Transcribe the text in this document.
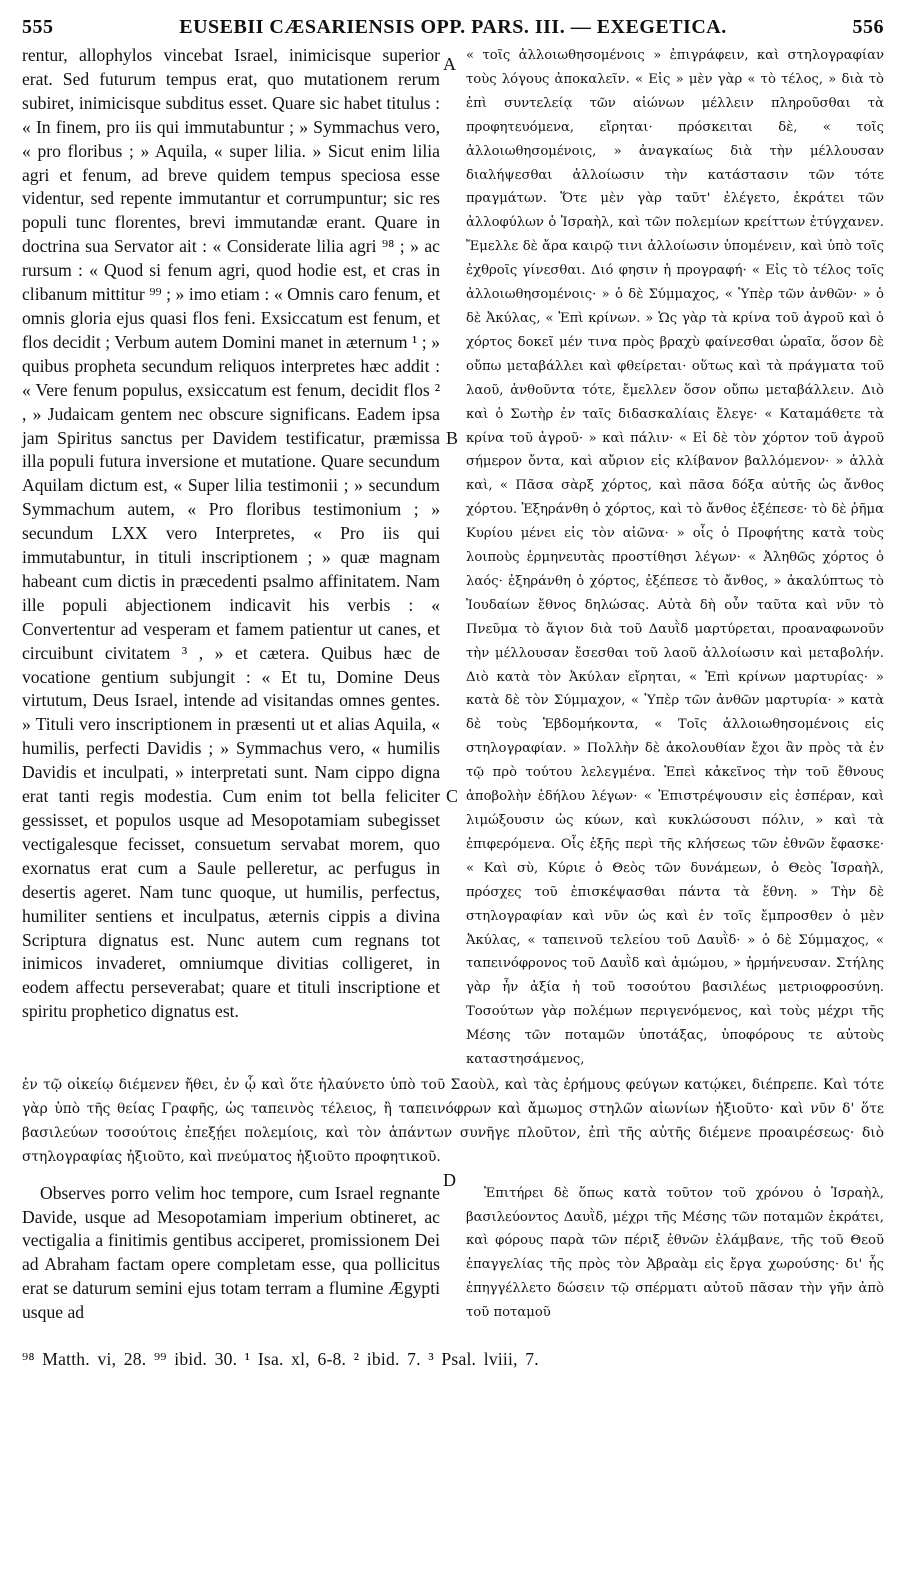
555	EUSEBII CÆSARIENSIS OPP. PARS. III. — EXEGETICA.	556
A
B
C
D

rentur, allophylos vincebat Israel, inimicisque superior erat. Sed futurum tempus erat, quo mutationem rerum subiret, inimicisque subditus esset. Quare sic habet titulus : « In finem, pro iis qui immutabuntur ; » Symmachus vero, « pro floribus ; » Aquila, « super lilia. » Sicut enim lilia agri et fenum, ad breve quidem tempus speciosa esse videntur, sed repente immutantur et corrumpuntur; sic res populi tunc florentes, brevi immutandæ erant. Quare in doctrina sua Servator ait : « Considerate lilia agri ⁹⁸ ; » ac rursum : « Quod si fenum agri, quod hodie est, et cras in clibanum mittitur ⁹⁹ ; » imo etiam : « Omnis caro fenum, et omnis gloria ejus quasi flos feni. Exsiccatum est fenum, et flos decidit ; Verbum autem Domini manet in æternum ¹ ; » quibus propheta secundum reliquos interpretes hæc addit : « Vere fenum populus, exsiccatum est fenum, decidit flos ² , » Judaicam gentem nec obscure significans. Eadem ipsa jam Spiritus sanctus per Davidem testificatur, præmissa illa populi futura inversione et mutatione. Quare secundum Aquilam dictum est, « Super lilia testimonii ; » secundum Symmachum autem, « Pro floribus testimonium ; » secundum LXX vero Interpretes, « Pro iis qui immutabuntur, in tituli inscriptionem ; » quæ magnam habeant cum dictis in præcedenti psalmo affinitatem. Nam ille populi abjectionem indicavit his verbis : « Convertentur ad vesperam et famem patientur ut canes, et circuibunt civitatem ³ , » et cætera. Quibus hæc de vocatione gentium subjungit : « Et tu, Domine Deus virtutum, Deus Israel, intende ad visitandas omnes gentes. » Tituli vero inscriptionem in præsenti ut et alias Aquila, « humilis, perfecti Davidis ; » Symmachus vero, « humilis Davidis et inculpati, » interpretati sunt. Nam cippo digna erat tanti regis modestia. Cum enim tot bella feliciter gessisset, et populos usque ad Mesopotamiam subegisset vectigalesque fecisset, consuetum servabat morem, quo exornatus erat cum a Saule pelleretur, ac perfugus in desertis ageret. Nam tunc quoque, ut humilis, perfectus, humiliter sentiens et inculpatus, æternis cippis a divina Scriptura dignatus est. Nunc autem cum regnans tot inimicos invaderet, omniumque divitias colligeret, in eodem affectu perseverabat; quare et tituli inscriptione et spiritu prophetico dignatus est.

« τοῖς ἀλλοιωθησομένοις » ἐπιγράφειν, καὶ στηλογραφίαν τοὺς λόγους ἀποκαλεῖν. « Εἰς » μὲν γὰρ « τὸ τέλος, » διὰ τὸ ἐπὶ συντελείᾳ τῶν αἰώνων μέλλειν πληροῦσθαι τὰ προφητευόμενα, εἴρηται· πρόσκειται δὲ, « τοῖς ἀλλοιωθησομένοις, » ἀναγκαίως διὰ τὴν μέλλουσαν διαλήψεσθαι ἀλλοίωσιν τὴν κατάστασιν τῶν τότε πραγμάτων. Ὅτε μὲν γὰρ ταῦτ' ἐλέγετο, ἐκράτει τῶν ἀλλοφύλων ὁ Ἰσραὴλ, καὶ τῶν πολεμίων κρείττων ἐτύγχανεν. Ἔμελλε δὲ ἄρα καιρῷ τινι ἀλλοίωσιν ὑπομένειν, καὶ ὑπὸ τοῖς ἐχθροῖς γίνεσθαι. Διό φησιν ἡ προγραφή· « Εἰς τὸ τέλος τοῖς ἀλλοιωθησομένοις· » ὁ δὲ Σύμμαχος, « Ὑπὲρ τῶν ἀνθῶν· » ὁ δὲ Ἀκύλας, « Ἐπὶ κρίνων. » Ὡς γὰρ τὰ κρίνα τοῦ ἀγροῦ καὶ ὁ χόρτος δοκεῖ μέν τινα πρὸς βραχὺ φαίνεσθαι ὡραῖα, ὅσον δὲ οὔπω μεταβάλλει καὶ φθείρεται· οὕτως καὶ τὰ πράγματα τοῦ λαοῦ, ἀνθοῦντα τότε, ἔμελλεν ὅσον οὔπω μεταβάλλειν. Διὸ καὶ ὁ Σωτὴρ ἐν ταῖς διδασκαλίαις ἔλεγε· « Καταμάθετε τὰ κρίνα τοῦ ἀγροῦ· » καὶ πάλιν· « Εἰ δὲ τὸν χόρτον τοῦ ἀγροῦ σήμερον ὄντα, καὶ αὔριον εἰς κλίβανον βαλλόμενον· » ἀλλὰ καὶ, « Πᾶσα σὰρξ χόρτος, καὶ πᾶσα δόξα αὐτῆς ὡς ἄνθος χόρτου. Ἐξηράνθη ὁ χόρτος, καὶ τὸ ἄνθος ἐξέπεσε· τὸ δὲ ῥῆμα Κυρίου μένει εἰς τὸν αἰῶνα· » οἷς ὁ Προφήτης κατὰ τοὺς λοιποὺς ἑρμηνευτὰς προστίθησι λέγων· « Ἀληθῶς χόρτος ὁ λαός· ἐξηράνθη ὁ χόρτος, ἐξέπεσε τὸ ἄνθος, » ἀκαλύπτως τὸ Ἰουδαίων ἔθνος δηλώσας. Αὐτὰ δὴ οὖν ταῦτα καὶ νῦν τὸ Πνεῦμα τὸ ἅγιον διὰ τοῦ Δαυῒδ μαρτύρεται, προαναφωνοῦν τὴν μέλλουσαν ἔσεσθαι τοῦ λαοῦ ἀλλοίωσιν καὶ μεταβολήν. Διὸ κατὰ τὸν Ἀκύλαν εἴρηται, « Ἐπὶ κρίνων μαρτυρίας· » κατὰ δὲ τὸν Σύμμαχον, « Ὑπὲρ τῶν ἀνθῶν μαρτυρία· » κατὰ δὲ τοὺς Ἑβδομήκοντα, « Τοῖς ἀλλοιωθησομένοις εἰς στηλογραφίαν. » Πολλὴν δὲ ἀκολουθίαν ἔχοι ἂν πρὸς τὰ ἐν τῷ πρὸ τούτου λελεγμένα. Ἐπεὶ κἀκεῖνος τὴν τοῦ ἔθνους ἀποβολὴν ἐδήλου λέγων· « Ἐπιστρέψουσιν εἰς ἑσπέραν, καὶ λιμώξουσιν ὡς κύων, καὶ κυκλώσουσι πόλιν, » καὶ τὰ ἐπιφερόμενα. Οἷς ἑξῆς περὶ τῆς κλήσεως τῶν ἐθνῶν ἔφασκε· « Καὶ σὺ, Κύριε ὁ Θεὸς τῶν δυνάμεων, ὁ Θεὸς Ἰσραὴλ, πρόσχες τοῦ ἐπισκέψασθαι πάντα τὰ ἔθνη. » Τὴν δὲ στηλογραφίαν καὶ νῦν ὡς καὶ ἐν τοῖς ἔμπροσθεν ὁ μὲν Ἀκύλας, « ταπεινοῦ τελείου τοῦ Δαυῒδ· » ὁ δὲ Σύμμαχος, « ταπεινόφρονος τοῦ Δαυῒδ καὶ ἀμώμου, » ἡρμήνευσαν. Στήλης γὰρ ἦν ἀξία ἡ τοῦ τοσούτου βασιλέως μετριοφροσύνη. Τοσούτων γὰρ πολέμων περιγενόμενος, καὶ τοὺς μέχρι τῆς Μέσης τῶν ποταμῶν ὑποτάξας, ὑποφόρους τε αὐτοὺς καταστησάμενος,

ἐν τῷ οἰκείῳ διέμενεν ἤθει, ἐν ᾧ καὶ ὅτε ἠλαύνετο ὑπὸ τοῦ Σαοὺλ, καὶ τὰς ἐρήμους φεύγων κατῴκει, διέπρεπε. Καὶ τότε γὰρ ὑπὸ τῆς θείας Γραφῆς, ὡς ταπεινὸς τέλειος, ἢ ταπεινόφρων καὶ ἄμωμος στηλῶν αἰωνίων ἠξιοῦτο· καὶ νῦν δ' ὅτε βασιλεύων τοσούτοις ἐπεξῄει πολεμίοις, καὶ τὸν ἁπάντων συνῆγε πλοῦτον, ἐπὶ τῆς αὐτῆς διέμενε προαιρέσεως· διὸ στηλογραφίας ἠξιοῦτο, καὶ πνεύματος ἠξιοῦτο προφητικοῦ.

Observes porro velim hoc tempore, cum Israel regnante Davide, usque ad Mesopotamiam imperium obtineret, ac vectigalia a finitimis gentibus acciperet, promissionem Dei ad Abraham factam opere completam esse, qua pollicitus erat se daturum semini ejus totam terram a flumine Ægypti usque ad

Ἐπιτήρει δὲ ὅπως κατὰ τοῦτον τοῦ χρόνου ὁ Ἰσραὴλ, βασιλεύοντος Δαυῒδ, μέχρι τῆς Μέσης τῶν ποταμῶν ἐκράτει, καὶ φόρους παρὰ τῶν πέριξ ἐθνῶν ἐλάμβανε, τῆς τοῦ Θεοῦ ἐπαγγελίας τῆς πρὸς τὸν Ἀβραὰμ εἰς ἔργα χωρούσης· δι' ἧς ἐπηγγέλλετο δώσειν τῷ σπέρματι αὐτοῦ πᾶσαν τὴν γῆν ἀπὸ τοῦ ποταμοῦ

⁹⁸ Matth. vi, 28. ⁹⁹ ibid. 30. ¹ Isa. xl, 6-8. ² ibid. 7. ³ Psal. lviii, 7.
